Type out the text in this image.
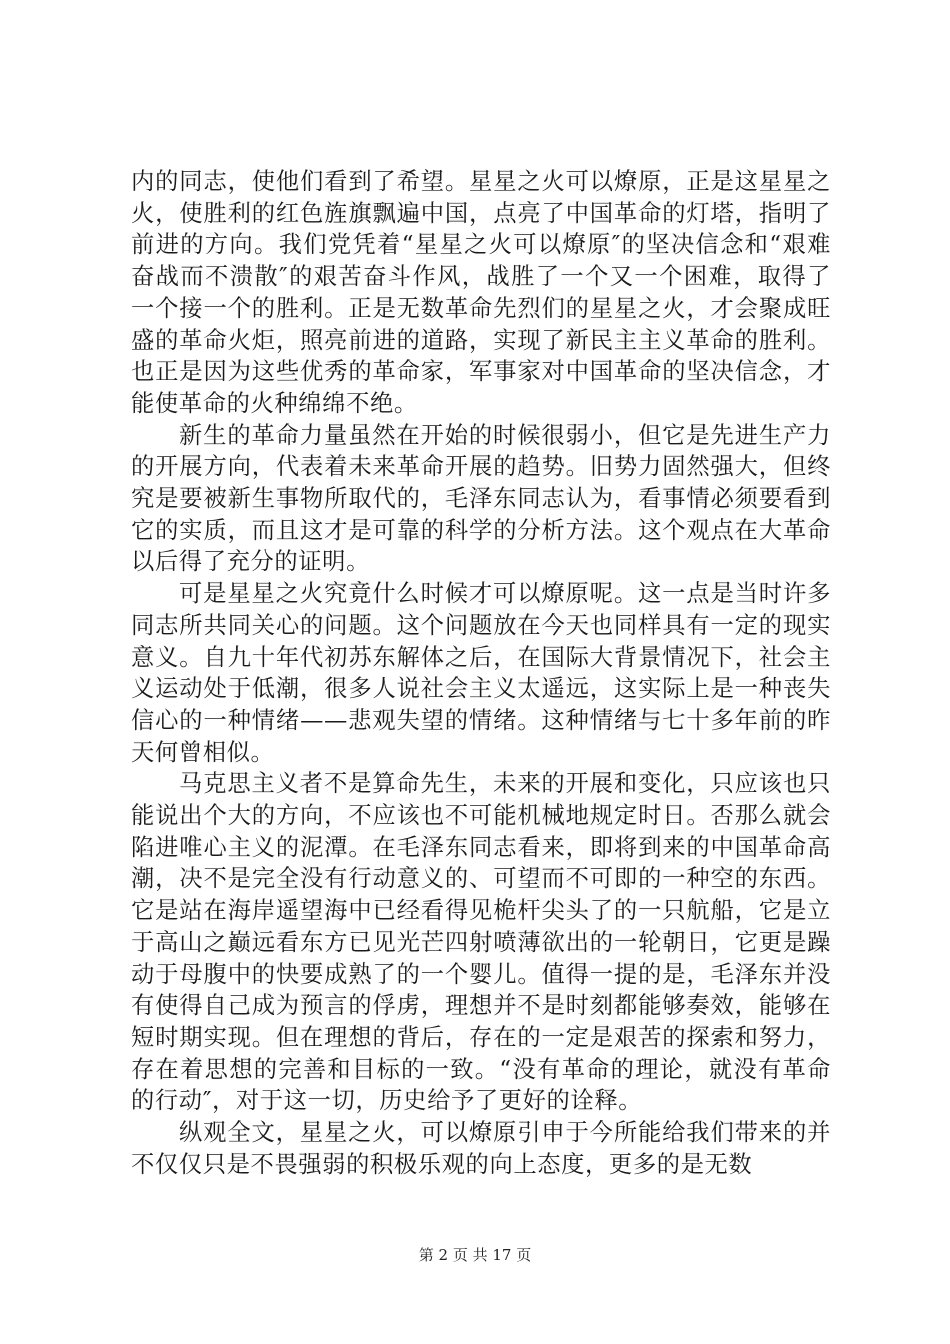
内的同志，使他们看到了希望。星星之火可以燎原，正是这星星之火，使胜利的红色旌旗飘遍中国，点亮了中国革命的灯塔，指明了前进的方向。我们党凭着“星星之火可以燎原″的坚决信念和“艰难奋战而不溃散″的艰苦奋斗作风，战胜了一个又一个困难，取得了一个接一个的胜利。正是无数革命先烈们的星星之火，才会聚成旺盛的革命火炬，照亮前进的道路，实现了新民主主义革命的胜利。也正是因为这些优秀的革命家，军事家对中国革命的坚决信念，才能使革命的火种绵绵不绝。

新生的革命力量虽然在开始的时候很弱小，但它是先进生产力的开展方向，代表着未来革命开展的趋势。旧势力固然强大，但终究是要被新生事物所取代的，毛泽东同志认为，看事情必须要看到它的实质，而且这才是可靠的科学的分析方法。这个观点在大革命以后得了充分的证明。

可是星星之火究竟什么时候才可以燎原呢。这一点是当时许多同志所共同关心的问题。这个问题放在今天也同样具有一定的现实意义。自九十年代初苏东解体之后，在国际大背景情况下，社会主义运动处于低潮，很多人说社会主义太遥远，这实际上是一种丧失信心的一种情绪——悲观失望的情绪。这种情绪与七十多年前的昨天何曾相似。

马克思主义者不是算命先生，未来的开展和变化，只应该也只能说出个大的方向，不应该也不可能机械地规定时日。否那么就会陷进唯心主义的泥潭。在毛泽东同志看来，即将到来的中国革命高潮，决不是完全没有行动意义的、可望而不可即的一种空的东西。它是站在海岸遥望海中已经看得见桅杆尖头了的一只航船，它是立于高山之巅远看东方已见光芒四射喷薄欲出的一轮朝日，它更是躁动于母腹中的快要成熟了的一个婴儿。值得一提的是，毛泽东并没有使得自己成为预言的俘虏，理想并不是时刻都能够奏效，能够在短时期实现。但在理想的背后，存在的一定是艰苦的探索和努力，存在着思想的完善和目标的一致。“没有革命的理论，就没有革命的行动″，对于这一切，历史给予了更好的诠释。

纵观全文，星星之火，可以燎原引申于今所能给我们带来的并不仅仅只是不畏强弱的积极乐观的向上态度，更多的是无数

第 2 页 共 17 页
